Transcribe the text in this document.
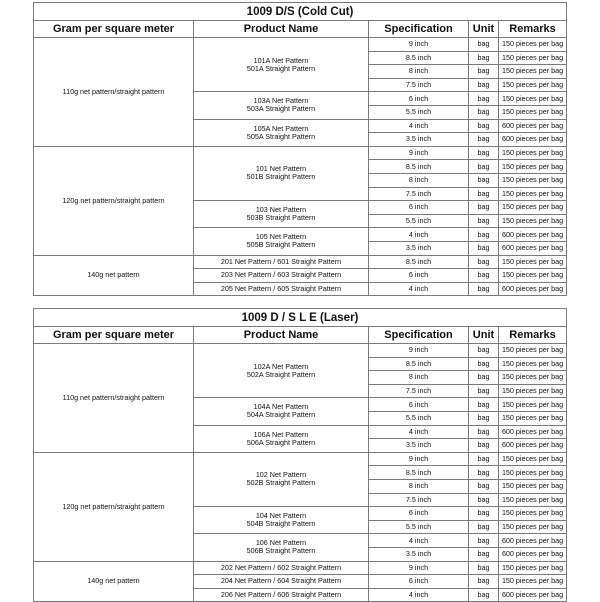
1009 D/S (Cold Cut)				
Gram per square meter	Product Name	Specification	Unit	Remarks
110g net pattern/straight pattern	101A Net Pattern
501A Straight Pattern	9 inch	bag	150 pieces per bag
		8.5 inch	bag	150 pieces per bag
		8 inch	bag	150 pieces per bag
		7.5 inch	bag	150 pieces per bag

	103A Net Pattern
503A Straight Pattern	6 inch	bag	150 pieces per bag
		5.5 inch	bag	150 pieces per bag

	105A Net Pattern
505A Straight Pattern	4 inch	bag	600 pieces per bag
		3.5 inch	bag	600 pieces per bag
120g net pattern/straight pattern	101 Net Pattern
501B Straight Pattern	9 inch	bag	150 pieces per bag
		8.5 inch	bag	150 pieces per bag
		8 inch	bag	150 pieces per bag
		7.5 inch	bag	150 pieces per bag

	103 Net Pattern
503B Straight Pattern	6 inch	bag	150 pieces per bag
		5.5 inch	bag	150 pieces per bag

	105 Net Pattern
505B Straight Pattern	4 inch	bag	600 pieces per bag
		3.5 inch	bag	600 pieces per bag
140g net pattern	201 Net Pattern / 601 Straight Pattern	8.5 inch	bag	150 pieces per bag

	203 Net Pattern / 603 Straight Pattern	6 inch	bag	150 pieces per bag

	205 Net Pattern / 605 Straight Pattern	4 inch	bag	600 pieces per bag
1009 D / S L E (Laser)				
Gram per square meter	Product Name	Specification	Unit	Remarks
110g net pattern/straight pattern	102A Net Pattern
502A Straight Pattern	9 inch	bag	150 pieces per bag
		8.5 inch	bag	150 pieces per bag
		8 inch	bag	150 pieces per bag
		7.5 inch	bag	150 pieces per bag

	104A Net Pattern
504A Straight Pattern	6 inch	bag	150 pieces per bag
		5.5 inch	bag	150 pieces per bag

	106A Net Pattern
506A Straight Pattern	4 inch	bag	600 pieces per bag
		3.5 inch	bag	600 pieces per bag
120g net pattern/straight pattern	102 Net Pattern
502B Straight Pattern	9 inch	bag	150 pieces per bag
		8.5 inch	bag	150 pieces per bag
		8 inch	bag	150 pieces per bag
		7.5 inch	bag	150 pieces per bag

	104 Net Pattern
504B Straight Pattern	6 inch	bag	150 pieces per bag
		5.5 inch	bag	150 pieces per bag

	106 Net Pattern
506B Straight Pattern	4 inch	bag	600 pieces per bag
		3.5 inch	bag	600 pieces per bag
140g net pattern	202 Net Pattern / 602 Straight Pattern	9 inch	bag	150 pieces per bag

	204 Net Pattern / 604 Straight Pattern	6 inch	bag	150 pieces per bag

	206 Net Pattern / 606 Straight Pattern	4 inch	bag	600 pieces per bag
